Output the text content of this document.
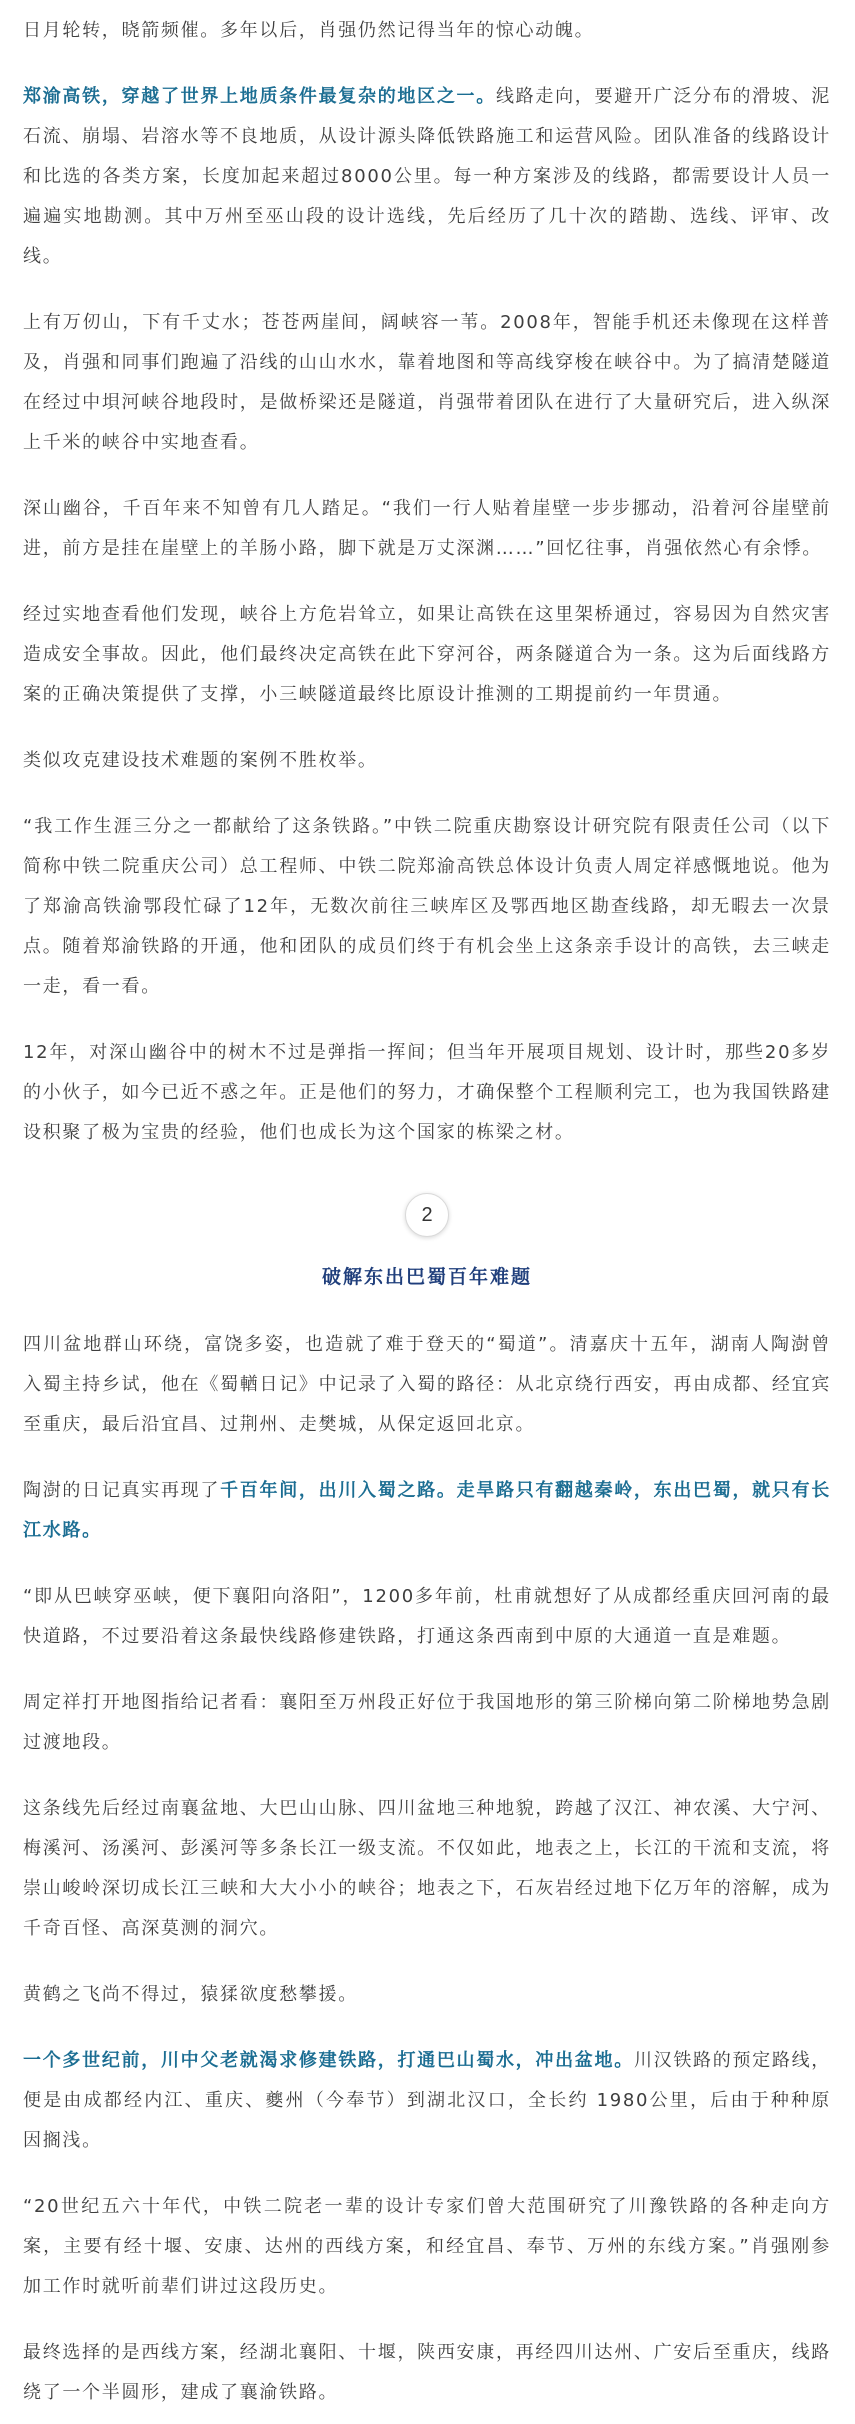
日月轮转，晓箭频催。多年以后，肖强仍然记得当年的惊心动魄。

郑渝高铁，穿越了世界上地质条件最复杂的地区之一。线路走向，要避开广泛分布的滑坡、泥石流、崩塌、岩溶水等不良地质，从设计源头降低铁路施工和运营风险。团队准备的线路设计和比选的各类方案，长度加起来超过8000公里。每一种方案涉及的线路，都需要设计人员一遍遍实地勘测。其中万州至巫山段的设计选线，先后经历了几十次的踏勘、选线、评审、改线。

上有万仞山，下有千丈水；苍苍两崖间，阔峡容一苇。2008年，智能手机还未像现在这样普及，肖强和同事们跑遍了沿线的山山水水，靠着地图和等高线穿梭在峡谷中。为了搞清楚隧道在经过中垻河峡谷地段时，是做桥梁还是隧道，肖强带着团队在进行了大量研究后，进入纵深上千米的峡谷中实地查看。

深山幽谷，千百年来不知曾有几人踏足。“我们一行人贴着崖壁一步步挪动，沿着河谷崖壁前进，前方是挂在崖壁上的羊肠小路，脚下就是万丈深渊……”回忆往事，肖强依然心有余悸。

经过实地查看他们发现，峡谷上方危岩耸立，如果让高铁在这里架桥通过，容易因为自然灾害造成安全事故。因此，他们最终决定高铁在此下穿河谷，两条隧道合为一条。这为后面线路方案的正确决策提供了支撑，小三峡隧道最终比原设计推测的工期提前约一年贯通。

类似攻克建设技术难题的案例不胜枚举。

“我工作生涯三分之一都献给了这条铁路。”中铁二院重庆勘察设计研究院有限责任公司（以下简称中铁二院重庆公司）总工程师、中铁二院郑渝高铁总体设计负责人周定祥感慨地说。他为了郑渝高铁渝鄂段忙碌了12年，无数次前往三峡库区及鄂西地区勘查线路，却无暇去一次景点。随着郑渝铁路的开通，他和团队的成员们终于有机会坐上这条亲手设计的高铁，去三峡走一走，看一看。

12年，对深山幽谷中的树木不过是弹指一挥间；但当年开展项目规划、设计时，那些20多岁的小伙子，如今已近不惑之年。正是他们的努力，才确保整个工程顺利完工，也为我国铁路建设积聚了极为宝贵的经验，他们也成长为这个国家的栋梁之材。

2
破解东出巴蜀百年难题

四川盆地群山环绕，富饶多姿，也造就了难于登天的“蜀道”。清嘉庆十五年，湖南人陶澍曾入蜀主持乡试，他在《蜀輶日记》中记录了入蜀的路径：从北京绕行西安，再由成都、经宜宾至重庆，最后沿宜昌、过荆州、走樊城，从保定返回北京。

陶澍的日记真实再现了千百年间，出川入蜀之路。走旱路只有翻越秦岭，东出巴蜀，就只有长江水路。

“即从巴峡穿巫峡，便下襄阳向洛阳”，1200多年前，杜甫就想好了从成都经重庆回河南的最快道路，不过要沿着这条最快线路修建铁路，打通这条西南到中原的大通道一直是难题。

周定祥打开地图指给记者看：襄阳至万州段正好位于我国地形的第三阶梯向第二阶梯地势急剧过渡地段。

这条线先后经过南襄盆地、大巴山山脉、四川盆地三种地貌，跨越了汉江、神农溪、大宁河、梅溪河、汤溪河、彭溪河等多条长江一级支流。不仅如此，地表之上，长江的干流和支流，将崇山峻岭深切成长江三峡和大大小小的峡谷；地表之下，石灰岩经过地下亿万年的溶解，成为千奇百怪、高深莫测的洞穴。

黄鹤之飞尚不得过，猿猱欲度愁攀援。

一个多世纪前，川中父老就渴求修建铁路，打通巴山蜀水，冲出盆地。川汉铁路的预定路线，便是由成都经内江、重庆、夔州（今奉节）到湖北汉口，全长约 1980公里，后由于种种原因搁浅。

“20世纪五六十年代，中铁二院老一辈的设计专家们曾大范围研究了川豫铁路的各种走向方案，主要有经十堰、安康、达州的西线方案，和经宜昌、奉节、万州的东线方案。”肖强刚参加工作时就听前辈们讲过这段历史。

最终选择的是西线方案，经湖北襄阳、十堰，陕西安康，再经四川达州、广安后至重庆，线路绕了一个半圆形，建成了襄渝铁路。
